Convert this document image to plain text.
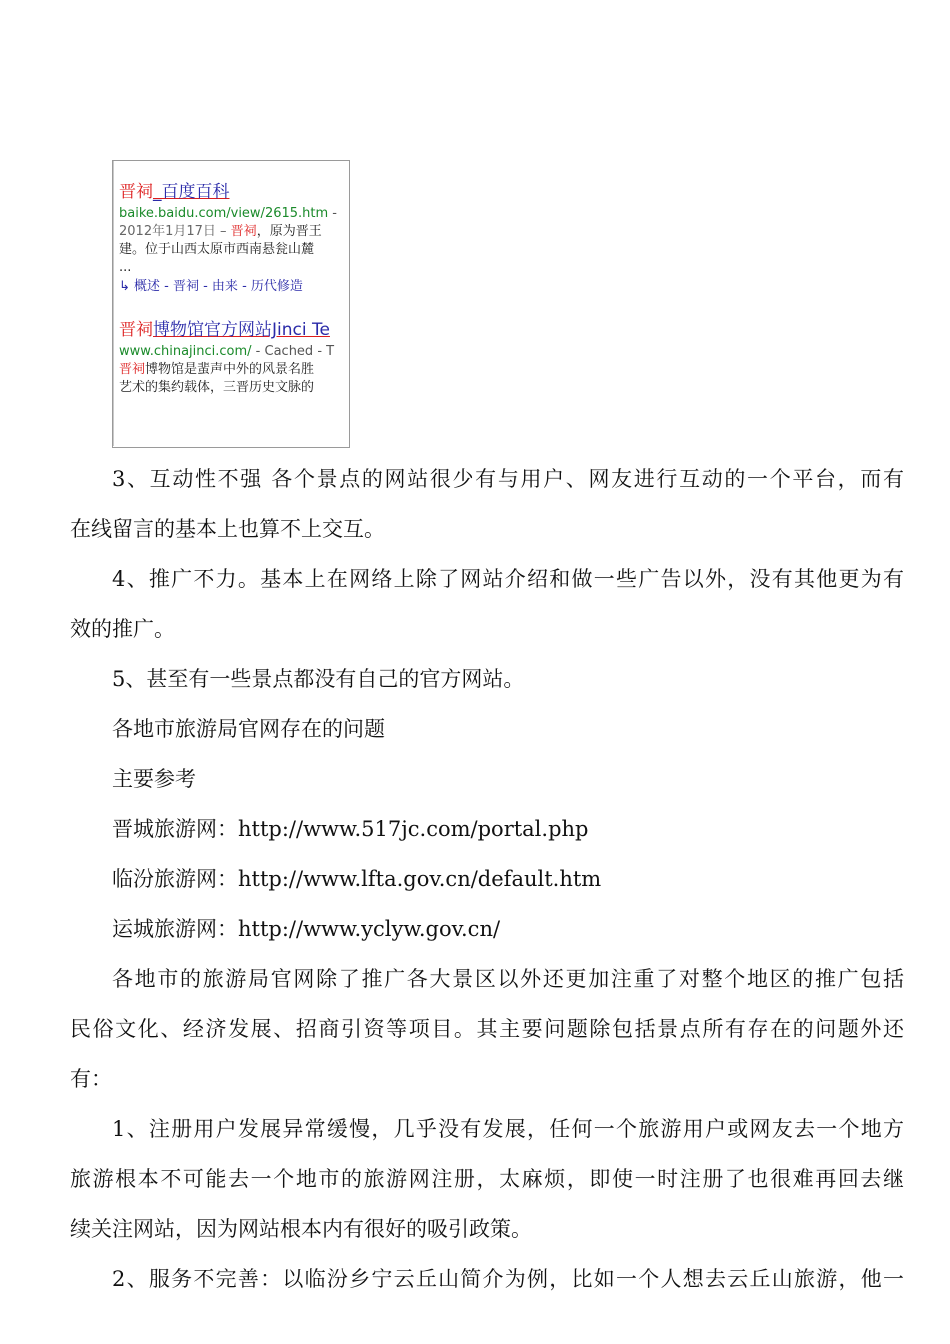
晋祠_百度百科
baike.baidu.com/view/2615.htm -
2012年1月17日 – 晋祠，原为晋王
建。位于山西太原市西南悬瓮山麓
...
↳ 概述 - 晋祠 - 由来 - 历代修造
晋祠博物馆官方网站Jinci Te
www.chinajinci.com/ - Cached - T
晋祠博物馆是蜚声中外的风景名胜
艺术的集约载体，三晋历史文脉的
3、互动性不强 各个景点的网站很少有与用户、网友进行互动的一个平台，而有
在线留言的基本上也算不上交互。
4、推广不力。基本上在网络上除了网站介绍和做一些广告以外，没有其他更为有
效的推广。
5、甚至有一些景点都没有自己的官方网站。
各地市旅游局官网存在的问题
主要参考
晋城旅游网：http://www.517jc.com/portal.php
临汾旅游网：http://www.lfta.gov.cn/default.htm
运城旅游网：http://www.yclyw.gov.cn/
各地市的旅游局官网除了推广各大景区以外还更加注重了对整个地区的推广包括
民俗文化、经济发展、招商引资等项目。其主要问题除包括景点所有存在的问题外还
有：
1、注册用户发展异常缓慢，几乎没有发展，任何一个旅游用户或网友去一个地方
旅游根本不可能去一个地市的旅游网注册，太麻烦，即使一时注册了也很难再回去继
续关注网站，因为网站根本内有很好的吸引政策。
2、服务不完善：以临汾乡宁云丘山简介为例，比如一个人想去云丘山旅游，他一
